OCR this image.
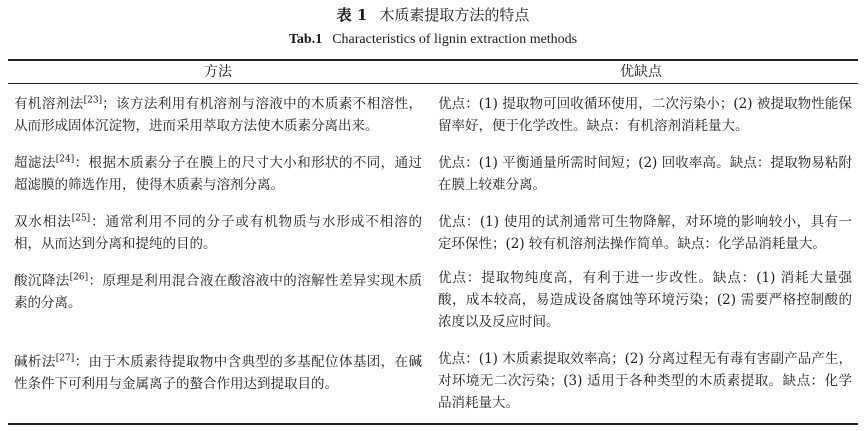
表 1 木质素提取方法的特点
Tab.1 Characteristics of lignin extraction methods
方法	优缺点
有机溶剂法[23]；该方法利用有机溶剂与溶液中的木质素不相溶性，从而形成固体沉淀物，进而采用萃取方法使木质素分离出来。
优点：(1) 提取物可回收循环使用，二次污染小；(2) 被提取物性能保留率好，便于化学改性。缺点：有机溶剂消耗量大。
超滤法[24]：根据木质素分子在膜上的尺寸大小和形状的不同，通过超滤膜的筛选作用，使得木质素与溶剂分离。
优点：(1) 平衡通量所需时间短；(2) 回收率高。缺点：提取物易粘附在膜上较难分离。
双水相法[25]：通常利用不同的分子或有机物质与水形成不相溶的相，从而达到分离和提纯的目的。
优点：(1) 使用的试剂通常可生物降解，对环境的影响较小，具有一定环保性；(2) 较有机溶剂法操作简单。缺点：化学品消耗量大。
酸沉降法[26]：原理是利用混合液在酸溶液中的溶解性差异实现木质素的分离。
优点：提取物纯度高，有利于进一步改性。缺点：(1) 消耗大量强酸，成本较高，易造成设备腐蚀等环境污染；(2) 需要严格控制酸的浓度以及反应时间。
碱析法[27]：由于木质素待提取物中含典型的多基配位体基团，在碱性条件下可利用与金属离子的螯合作用达到提取目的。
优点：(1) 木质素提取效率高；(2) 分离过程无有毒有害副产品产生，对环境无二次污染；(3) 适用于各种类型的木质素提取。缺点：化学品消耗量大。
